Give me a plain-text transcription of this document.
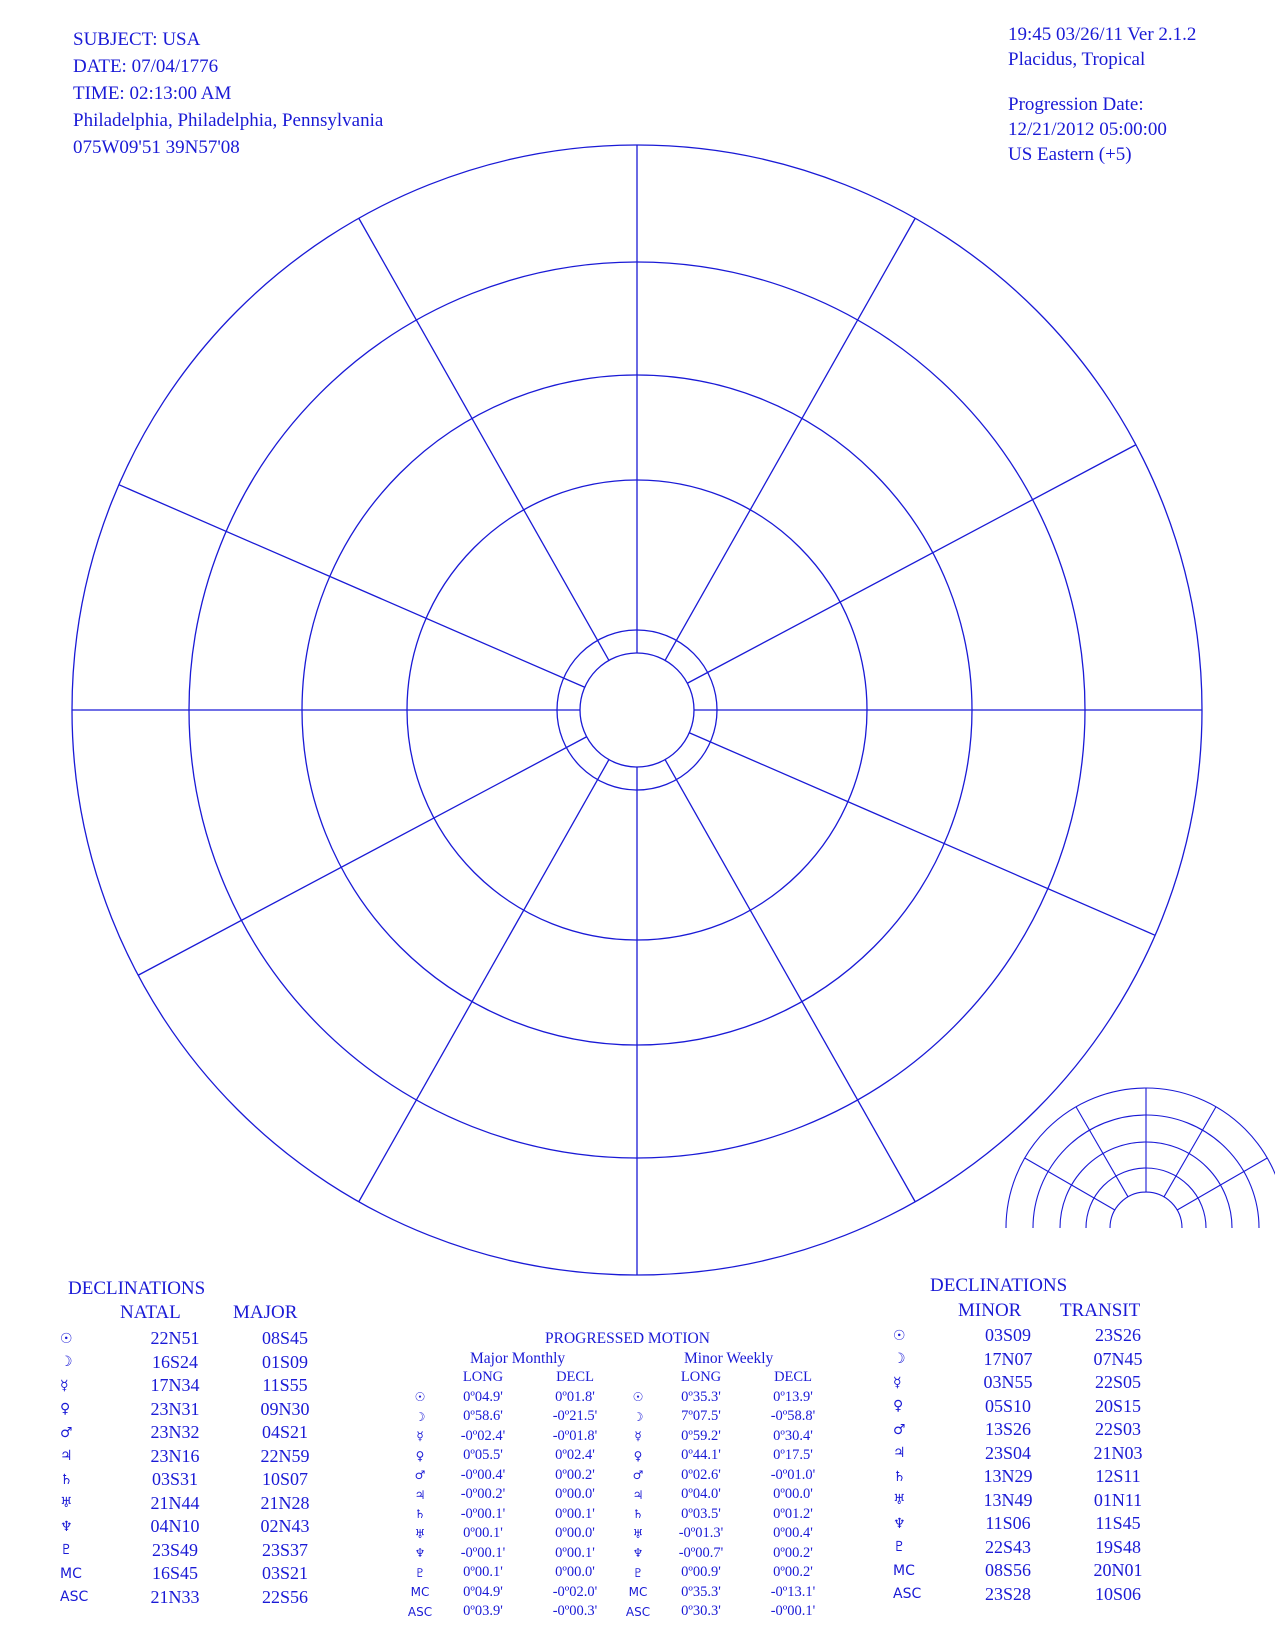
SUBJECT: USA
DATE: 07/04/1776
TIME: 02:13:00 AM
Philadelphia, Philadelphia, Pennsylvania
075W09'51 39N57'08
19:45 03/26/11 Ver 2.1.2
Placidus, Tropical
Progression Date:
12/21/2012 05:00:00
US Eastern (+5)
DECLINATIONS
NATAL	MAJOR
☉	22N51	08S45
☽	16S24	01S09
☿	17N34	11S55
♀	23N31	09N30
♂	23N32	04S21
♃	23N16	22N59
♄	03S31	10S07
♅	21N44	21N28
♆	04N10	02N43
♇	23S49	23S37
MC	16S45	03S21
ASC	21N33	22S56
PROGRESSED MOTION
Major Monthly	Minor Weekly
	LONG	DECL		LONG	DECL
☉	0º04.9'	0º01.8'	☉	0º35.3'	0º13.9'
☽	0º58.6'	-0º21.5'	☽	7º07.5'	-0º58.8'
☿	-0º02.4'	-0º01.8'	☿	0º59.2'	0º30.4'
♀	0º05.5'	0º02.4'	♀	0º44.1'	0º17.5'
♂	-0º00.4'	0º00.2'	♂	0º02.6'	-0º01.0'
♃	-0º00.2'	0º00.0'	♃	0º04.0'	0º00.0'
♄	-0º00.1'	0º00.1'	♄	0º03.5'	0º01.2'
♅	0º00.1'	0º00.0'	♅	-0º01.3'	0º00.4'
♆	-0º00.1'	0º00.1'	♆	-0º00.7'	0º00.2'
♇	0º00.1'	0º00.0'	♇	0º00.9'	0º00.2'
MC	0º04.9'	-0º02.0'	MC	0º35.3'	-0º13.1'
ASC	0º03.9'	-0º00.3'	ASC	0º30.3'	-0º00.1'
DECLINATIONS
MINOR TRANSIT
☉	03S09	23S26
☽	17N07	07N45
☿	03N55	22S05
♀	05S10	20S15
♂	13S26	22S03
♃	23S04	21N03
♄	13N29	12S11
♅	13N49	01N11
♆	11S06	11S45
♇	22S43	19S48
MC	08S56	20N01
ASC	23S28	10S06
